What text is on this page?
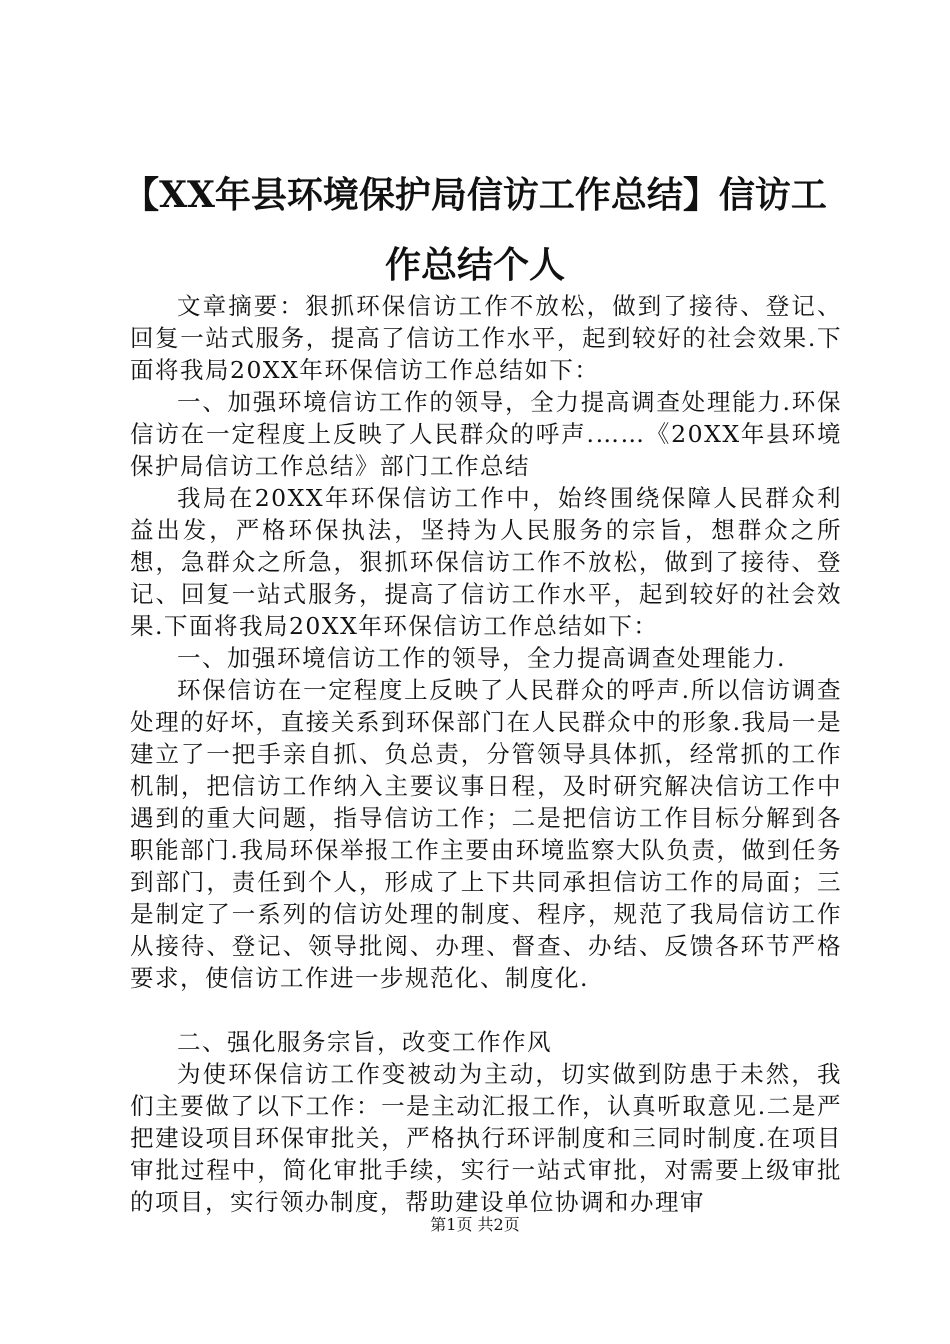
【XX年县环境保护局信访工作总结】信访工作总结个人

文章摘要：狠抓环保信访工作不放松，做到了接待、登记、回复一站式服务，提高了信访工作水平，起到较好的社会效果.下面将我局20XX年环保信访工作总结如下：

一、加强环境信访工作的领导，全力提高调查处理能力.环保信访在一定程度上反映了人民群众的呼声.……《20XX年县环境保护局信访工作总结》部门工作总结

我局在20XX年环保信访工作中，始终围绕保障人民群众利益出发，严格环保执法，坚持为人民服务的宗旨，想群众之所想，急群众之所急，狠抓环保信访工作不放松，做到了接待、登记、回复一站式服务，提高了信访工作水平，起到较好的社会效果.下面将我局20XX年环保信访工作总结如下：

一、加强环境信访工作的领导，全力提高调查处理能力.

环保信访在一定程度上反映了人民群众的呼声.所以信访调查处理的好坏，直接关系到环保部门在人民群众中的形象.我局一是建立了一把手亲自抓、负总责，分管领导具体抓，经常抓的工作机制，把信访工作纳入主要议事日程，及时研究解决信访工作中遇到的重大问题，指导信访工作；二是把信访工作目标分解到各职能部门.我局环保举报工作主要由环境监察大队负责，做到任务到部门，责任到个人，形成了上下共同承担信访工作的局面；三是制定了一系列的信访处理的制度、程序，规范了我局信访工作从接待、登记、领导批阅、办理、督查、办结、反馈各环节严格要求，使信访工作进一步规范化、制度化.

二、强化服务宗旨，改变工作作风

为使环保信访工作变被动为主动，切实做到防患于未然，我们主要做了以下工作：一是主动汇报工作，认真听取意见.二是严把建设项目环保审批关，严格执行环评制度和三同时制度.在项目审批过程中，简化审批手续，实行一站式审批，对需要上级审批的项目，实行领办制度，帮助建设单位协调和办理审

第1页 共2页
